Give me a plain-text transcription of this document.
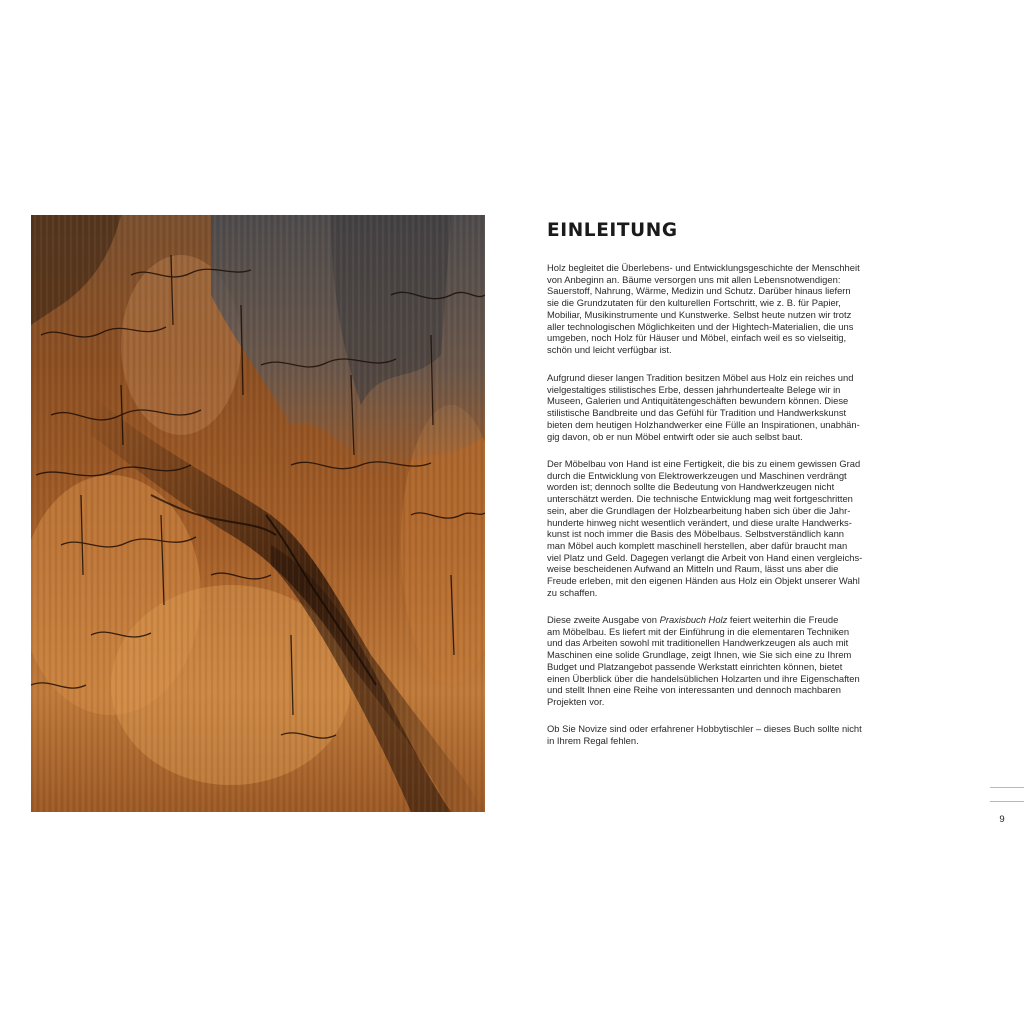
EINLEITUNG
Holz begleitet die Überlebens- und Entwicklungsgeschichte der Menschheit
von Anbeginn an. Bäume versorgen uns mit allen Lebensnotwendigen:
Sauerstoff, Nahrung, Wärme, Medizin und Schutz. Darüber hinaus liefern
sie die Grundzutaten für den kulturellen Fortschritt, wie z. B. für Papier,
Mobiliar, Musikinstrumente und Kunstwerke. Selbst heute nutzen wir trotz
aller technologischen Möglichkeiten und der Hightech-Materialien, die uns
umgeben, noch Holz für Häuser und Möbel, einfach weil es so vielseitig,
schön und leicht verfügbar ist.
Aufgrund dieser langen Tradition besitzen Möbel aus Holz ein reiches und
vielgestaltiges stilistisches Erbe, dessen jahrhundertealte Belege wir in
Museen, Galerien und Antiquitätengeschäften bewundern können. Diese
stilistische Bandbreite und das Gefühl für Tradition und Handwerkskunst
bieten dem heutigen Holzhandwerker eine Fülle an Inspirationen, unabhän-
gig davon, ob er nun Möbel entwirft oder sie auch selbst baut.
Der Möbelbau von Hand ist eine Fertigkeit, die bis zu einem gewissen Grad
durch die Entwicklung von Elektrowerkzeugen und Maschinen verdrängt
worden ist; dennoch sollte die Bedeutung von Handwerkzeugen nicht
unterschätzt werden. Die technische Entwicklung mag weit fortgeschritten
sein, aber die Grundlagen der Holzbearbeitung haben sich über die Jahr-
hunderte hinweg nicht wesentlich verändert, und diese uralte Handwerks-
kunst ist noch immer die Basis des Möbelbaus. Selbstverständlich kann
man Möbel auch komplett maschinell herstellen, aber dafür braucht man
viel Platz und Geld. Dagegen verlangt die Arbeit von Hand einen vergleichs-
weise bescheidenen Aufwand an Mitteln und Raum, lässt uns aber die
Freude erleben, mit den eigenen Händen aus Holz ein Objekt unserer Wahl
zu schaffen.
Diese zweite Ausgabe von Praxisbuch Holz feiert weiterhin die Freude
am Möbelbau. Es liefert mit der Einführung in die elementaren Techniken
und das Arbeiten sowohl mit traditionellen Handwerkzeugen als auch mit
Maschinen eine solide Grundlage, zeigt Ihnen, wie Sie sich eine zu Ihrem
Budget und Platzangebot passende Werkstatt einrichten können, bietet
einen Überblick über die handelsüblichen Holzarten und ihre Eigenschaften
und stellt Ihnen eine Reihe von interessanten und dennoch machbaren
Projekten vor.
Ob Sie Novize sind oder erfahrener Hobbytischler – dieses Buch sollte nicht
in Ihrem Regal fehlen.
9
